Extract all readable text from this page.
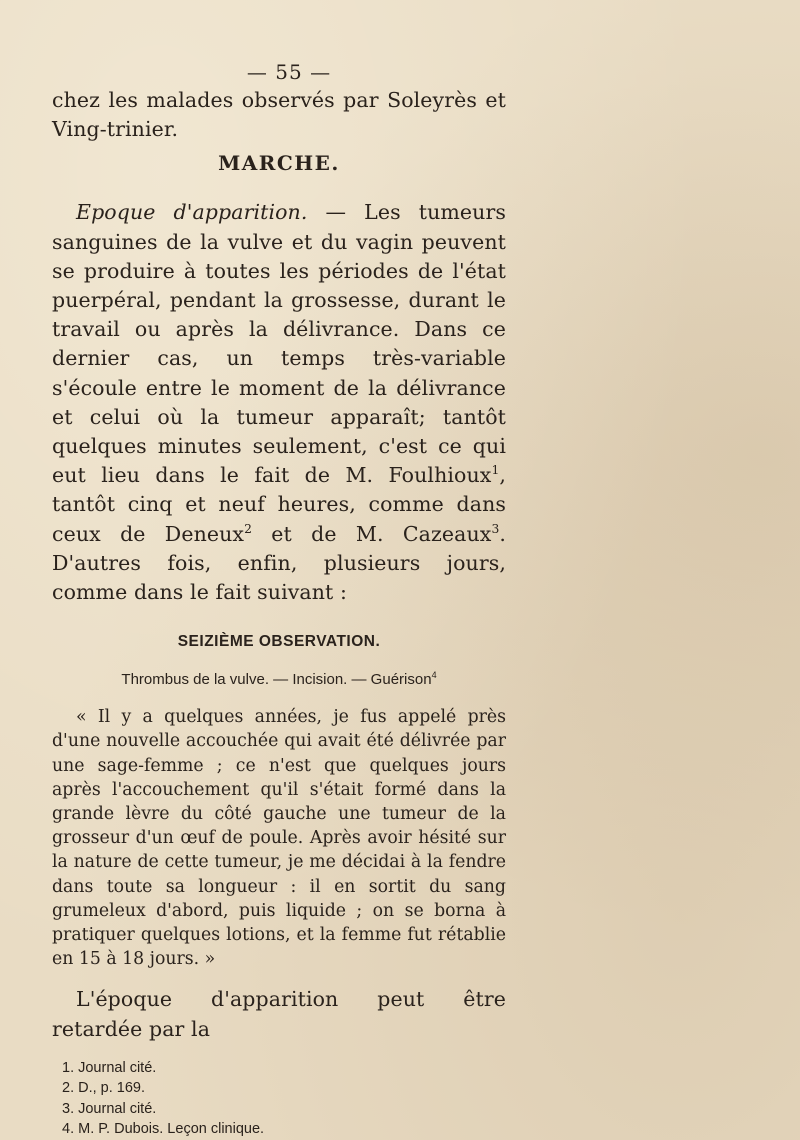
— 55 —

chez les malades observés par Soleyrès et Ving-trinier.

MARCHE.

Epoque d'apparition. — Les tumeurs sanguines de la vulve et du vagin peuvent se produire à toutes les périodes de l'état puerpéral, pendant la grossesse, durant le travail ou après la délivrance. Dans ce dernier cas, un temps très-variable s'écoule entre le moment de la délivrance et celui où la tumeur apparaît; tantôt quelques minutes seulement, c'est ce qui eut lieu dans le fait de M. Foulhioux$^1$, tantôt cinq et neuf heures, comme dans ceux de Deneux$^2$ et de M. Cazeaux$^3$. D'autres fois, enfin, plusieurs jours, comme dans le fait suivant :

SEIZIÈME OBSERVATION.
Thrombus de la vulve. — Incision. — Guérison$^4$

« Il y a quelques années, je fus appelé près d'une nouvelle accouchée qui avait été délivrée par une sage-femme ; ce n'est que quelques jours après l'accouchement qu'il s'était formé dans la grande lèvre du côté gauche une tumeur de la grosseur d'un œuf de poule. Après avoir hésité sur la nature de cette tumeur, je me décidai à la fendre dans toute sa longueur : il en sortit du sang grumeleux d'abord, puis liquide ; on se borna à pratiquer quelques lotions, et la femme fut rétablie en 15 à 18 jours. »

L'époque d'apparition peut être retardée par la

1. Journal cité.
2. D., p. 169.
3. Journal cité.
4. M. P. Dubois. Leçon clinique.
